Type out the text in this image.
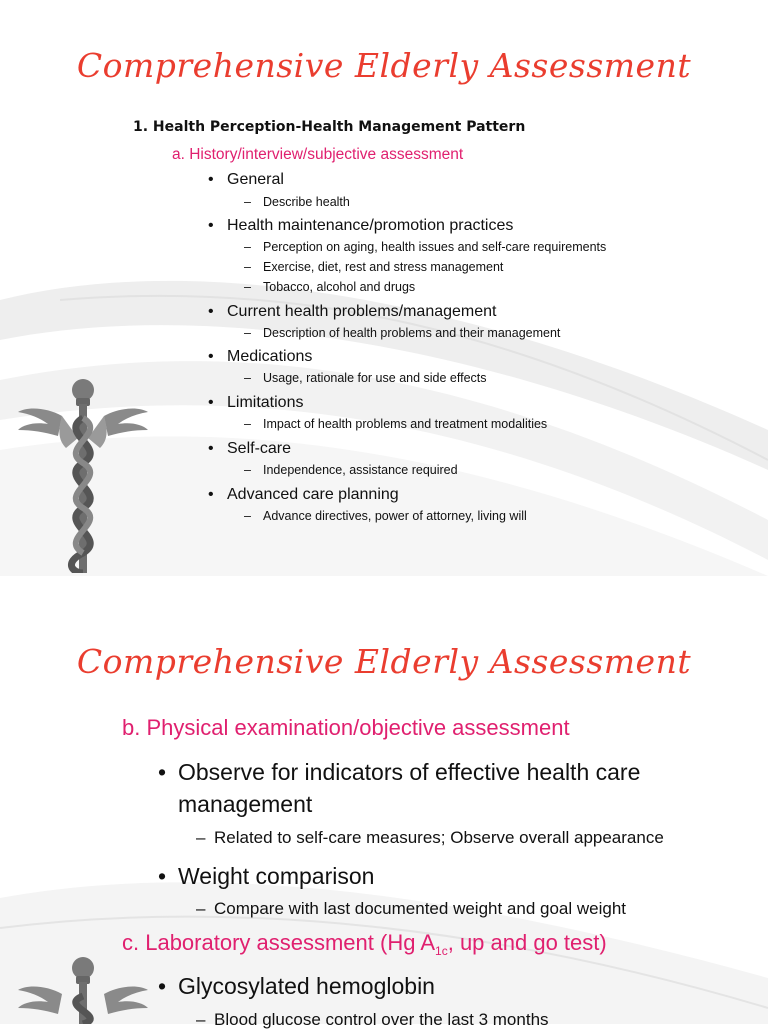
Comprehensive Elderly Assessment
1. Health Perception-Health Management Pattern
a. History/interview/subjective assessment
• General
– Describe health
• Health maintenance/promotion practices
– Perception on aging, health issues and self-care requirements
– Exercise, diet, rest and stress management
– Tobacco, alcohol and drugs
• Current health problems/management
– Description of health problems and their management
• Medications
– Usage, rationale for use and side effects
• Limitations
– Impact of health problems and treatment modalities
• Self-care
– Independence, assistance required
• Advanced care planning
– Advance directives, power of attorney, living will
Comprehensive Elderly Assessment
b. Physical examination/objective assessment
• Observe for indicators of effective health care management
– Related to self-care measures; Observe overall appearance
• Weight comparison
– Compare with last documented weight and goal weight
c. Laboratory assessment (Hg $A_{1c}$, up and go test)
• Glycosylated hemoglobin
– Blood glucose control over the last 3 months
